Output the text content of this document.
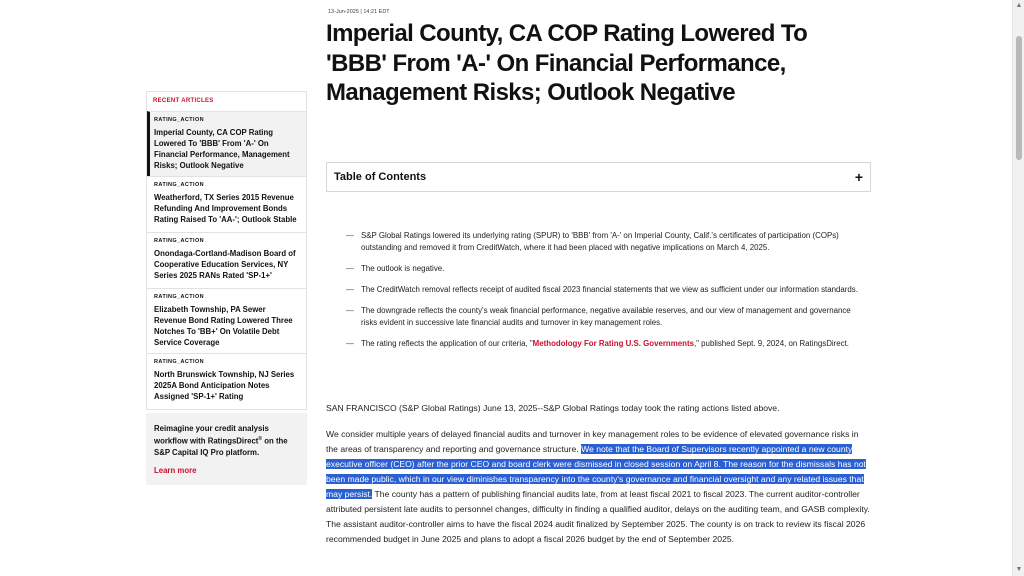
RECENT ARTICLES
RATING_ACTION
Imperial County, CA COP Rating Lowered To 'BBB' From 'A-' On Financial Performance, Management Risks; Outlook Negative
RATING_ACTION
Weatherford, TX Series 2015 Revenue Refunding And Improvement Bonds Rating Raised To 'AA-'; Outlook Stable
RATING_ACTION
Onondaga-Cortland-Madison Board of Cooperative Education Services, NY Series 2025 RANs Rated 'SP-1+'
RATING_ACTION
Elizabeth Township, PA Sewer Revenue Bond Rating Lowered Three Notches To 'BB+' On Volatile Debt Service Coverage
RATING_ACTION
North Brunswick Township, NJ Series 2025A Bond Anticipation Notes Assigned 'SP-1+' Rating
Reimagine your credit analysis workflow with RatingsDirect® on the S&P Capital IQ Pro platform.
Learn more
13-Jun-2025 | 14:21 EDT
Imperial County, CA COP Rating Lowered To 'BBB' From 'A-' On Financial Performance, Management Risks; Outlook Negative
Table of Contents	+
— S&P Global Ratings lowered its underlying rating (SPUR) to 'BBB' from 'A-' on Imperial County, Calif.'s certificates of participation (COPs) outstanding and removed it from CreditWatch, where it had been placed with negative implications on March 4, 2025.
— The outlook is negative.
— The CreditWatch removal reflects receipt of audited fiscal 2023 financial statements that we view as sufficient under our information standards.
— The downgrade reflects the county's weak financial performance, negative available reserves, and our view of management and governance risks evident in successive late financial audits and turnover in key management roles.
— The rating reflects the application of our criteria, "Methodology For Rating U.S. Governments," published Sept. 9, 2024, on RatingsDirect.

SAN FRANCISCO (S&P Global Ratings) June 13, 2025--S&P Global Ratings today took the rating actions listed above.

We consider multiple years of delayed financial audits and turnover in key management roles to be evidence of elevated governance risks in the areas of transparency and reporting and governance structure. We note that the Board of Supervisors recently appointed a new county executive officer (CEO) after the prior CEO and board clerk were dismissed in closed session on April 8. The reason for the dismissals has not been made public, which in our view diminishes transparency into the county's governance and financial oversight and any related issues that may persist. The county has a pattern of publishing financial audits late, from at least fiscal 2021 to fiscal 2023. The current auditor-controller attributed persistent late audits to personnel changes, difficulty in finding a qualified auditor, delays on the auditing team, and GASB complexity. The assistant auditor-controller aims to have the fiscal 2024 audit finalized by September 2025. The county is on track to review its fiscal 2026 recommended budget in June 2025 and plans to adopt a fiscal 2026 budget by the end of September 2025.

▲
▼
